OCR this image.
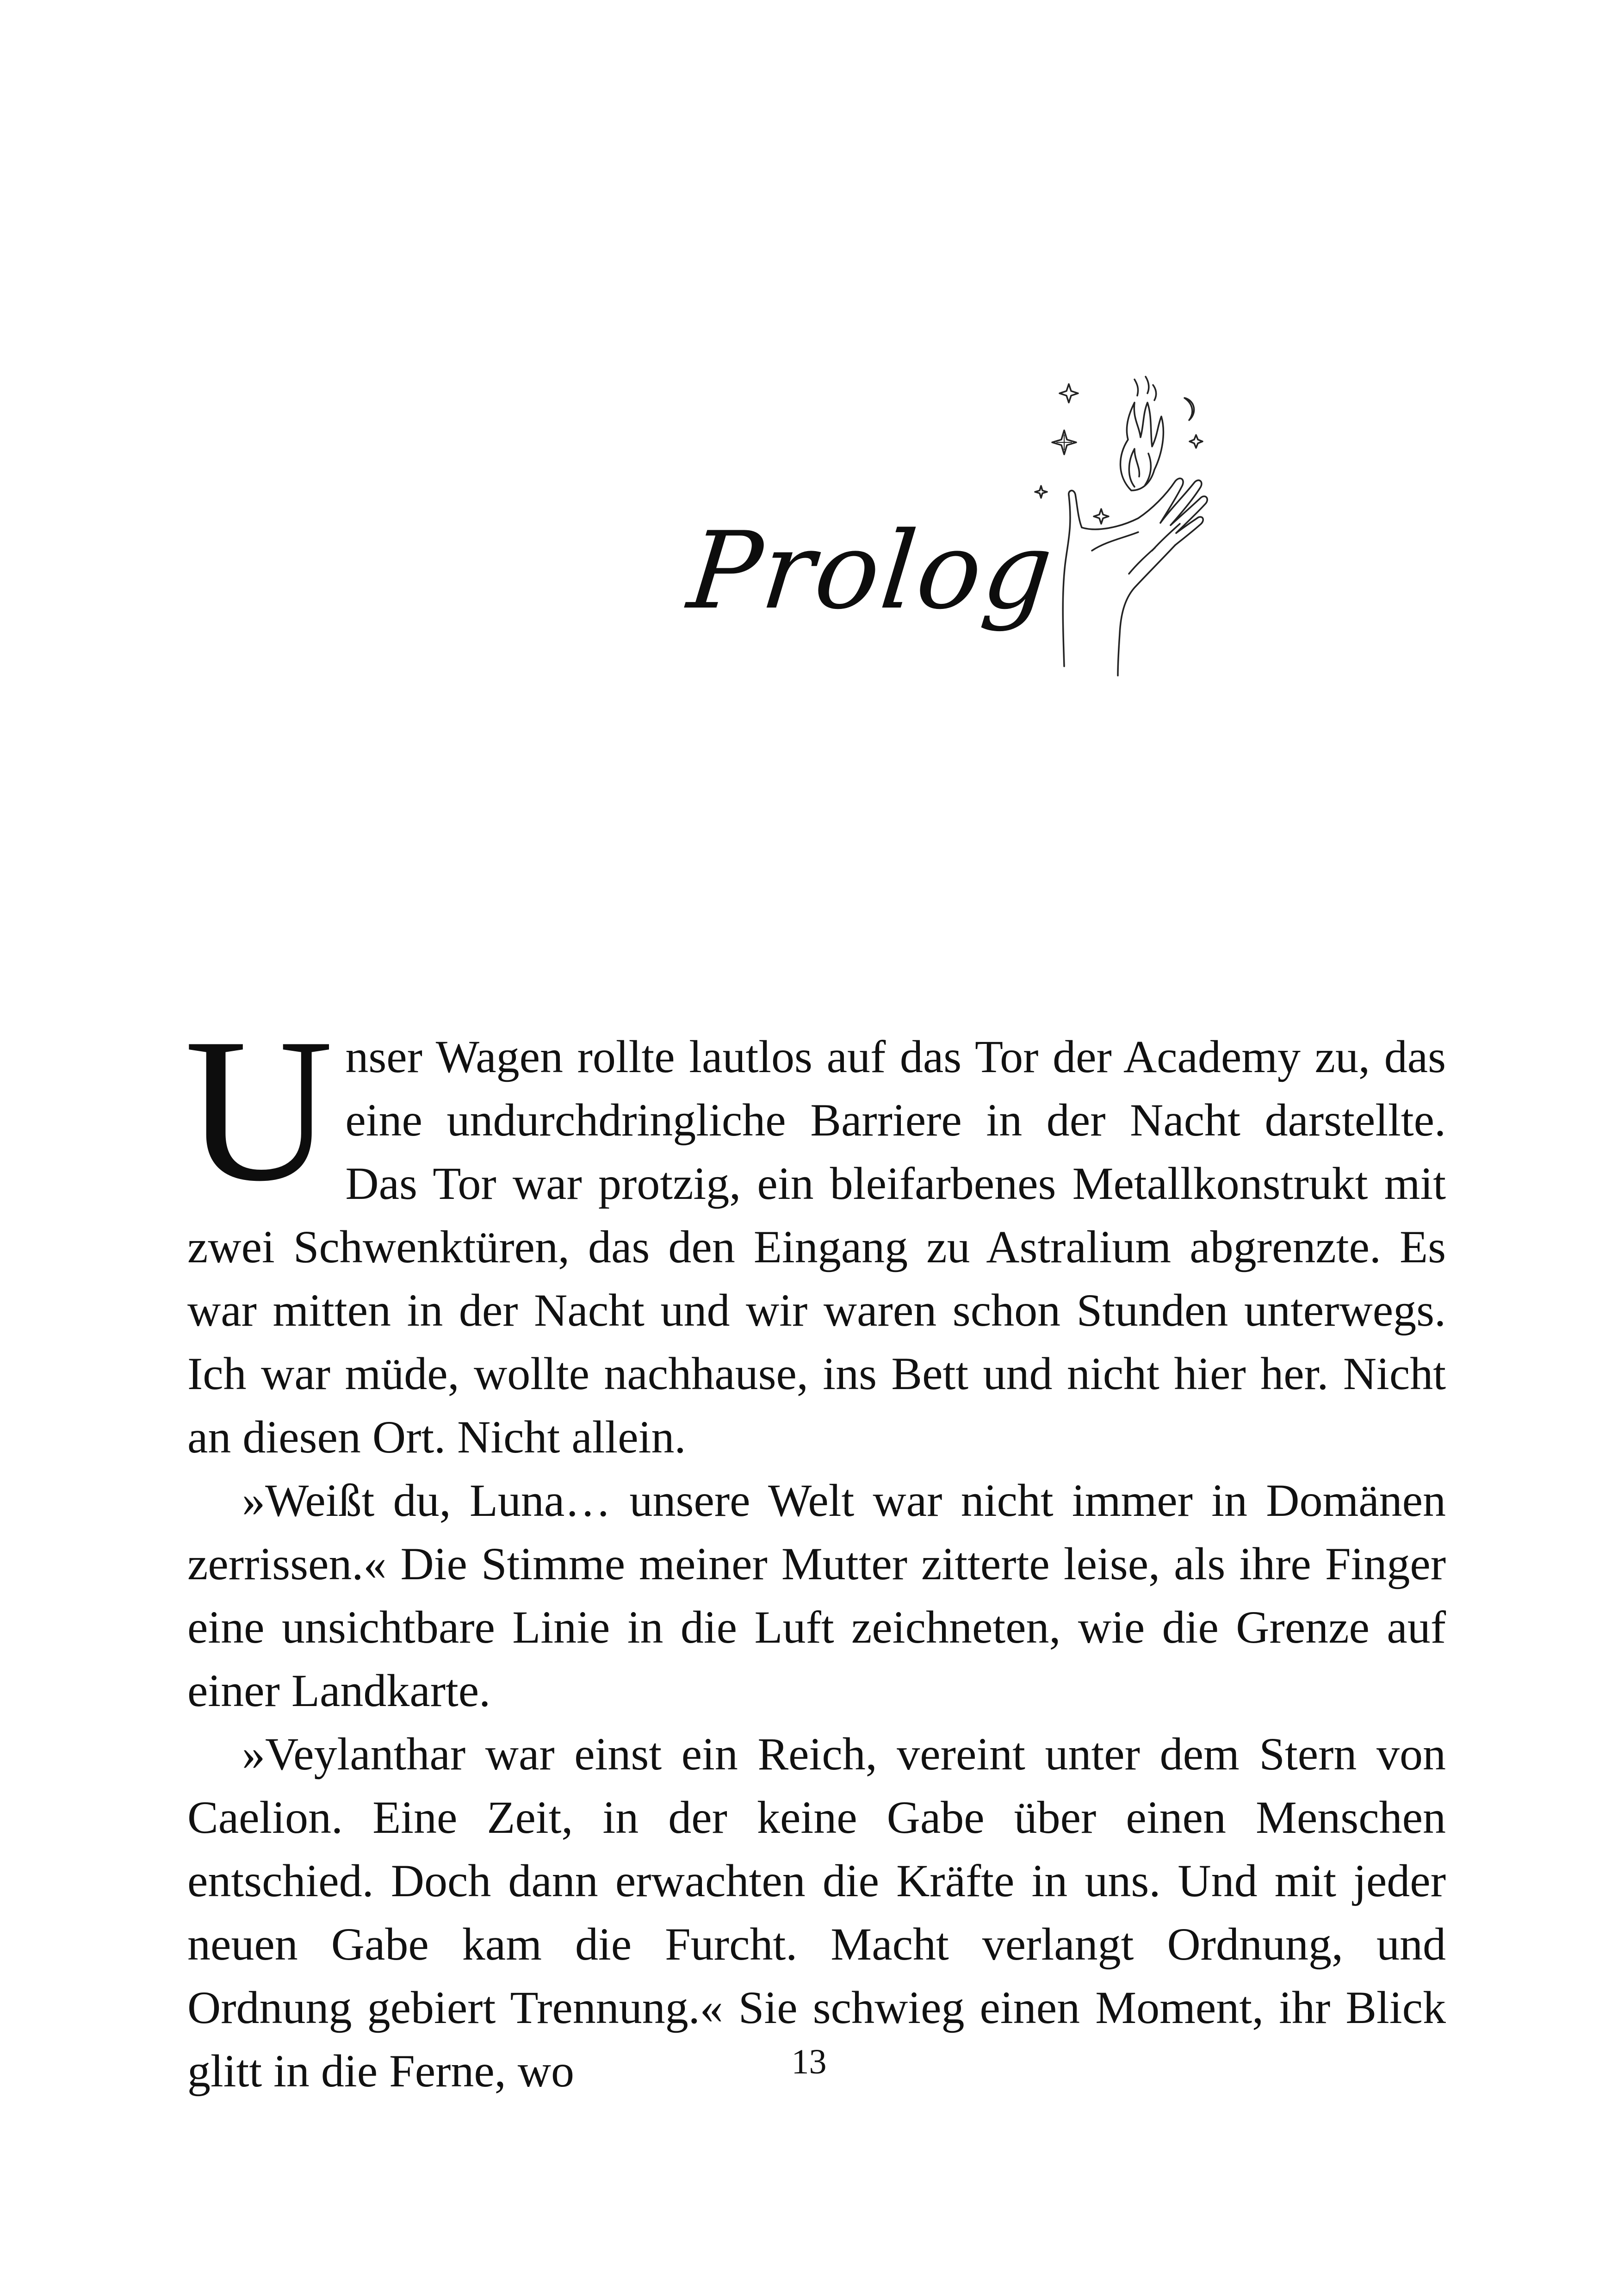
Prolog

Unser Wagen rollte lautlos auf das Tor der Academy zu, das eine undurchdringliche Barriere in der Nacht darstellte. Das Tor war protzig, ein bleifarbenes Metallkonstrukt mit zwei Schwenktüren, das den Eingang zu Astralium abgrenzte. Es war mitten in der Nacht und wir waren schon Stunden unterwegs. Ich war müde, wollte nachhause, ins Bett und nicht hier her. Nicht an diesen Ort. Nicht allein.

»Weißt du, Luna… unsere Welt war nicht immer in Domänen zerrissen.« Die Stimme meiner Mutter zitterte leise, als ihre Finger eine unsichtbare Linie in die Luft zeichneten, wie die Grenze auf einer Landkarte.

»Veylanthar war einst ein Reich, vereint unter dem Stern von Caelion. Eine Zeit, in der keine Gabe über einen Menschen entschied. Doch dann erwachten die Kräfte in uns. Und mit jeder neuen Gabe kam die Furcht. Macht verlangt Ordnung, und Ordnung gebiert Trennung.« Sie schwieg einen Moment, ihr Blick glitt in die Ferne, wo	13
